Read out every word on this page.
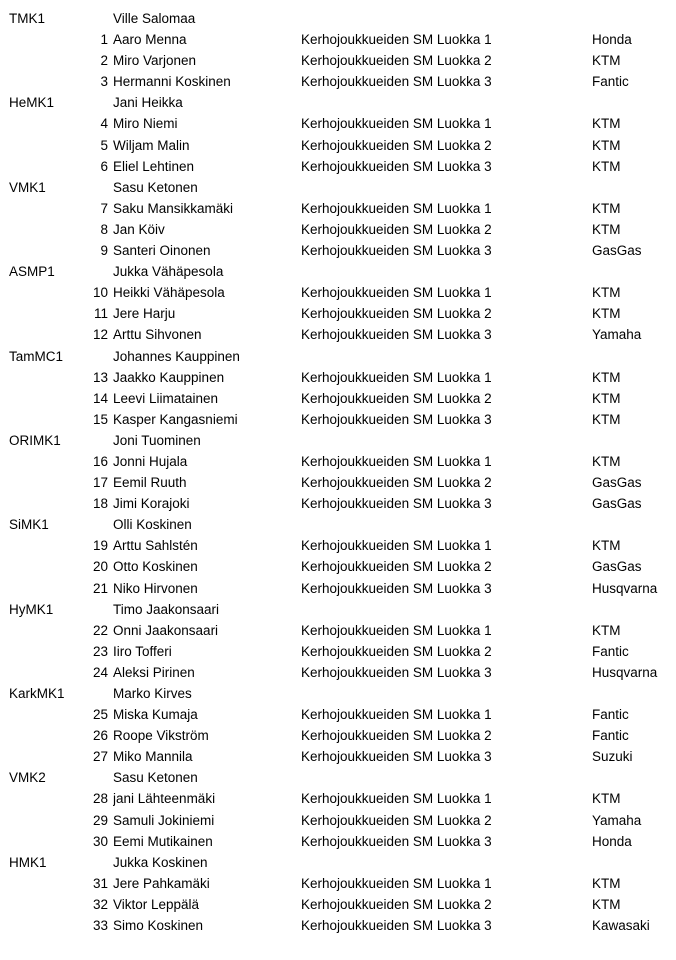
TMK1	Ville Salomaa
1 Aaro Menna	Kerhojoukkueiden SM Luokka 1	Honda
2 Miro Varjonen	Kerhojoukkueiden SM Luokka 2	KTM
3 Hermanni Koskinen	Kerhojoukkueiden SM Luokka 3	Fantic
HeMK1	Jani Heikka
4 Miro Niemi	Kerhojoukkueiden SM Luokka 1	KTM
5 Wiljam Malin	Kerhojoukkueiden SM Luokka 2	KTM
6 Eliel Lehtinen	Kerhojoukkueiden SM Luokka 3	KTM
VMK1	Sasu Ketonen
7 Saku Mansikkamäki	Kerhojoukkueiden SM Luokka 1	KTM
8 Jan Köiv	Kerhojoukkueiden SM Luokka 2	KTM
9 Santeri Oinonen	Kerhojoukkueiden SM Luokka 3	GasGas
ASMP1	Jukka Vähäpesola
10 Heikki Vähäpesola	Kerhojoukkueiden SM Luokka 1	KTM
11 Jere Harju	Kerhojoukkueiden SM Luokka 2	KTM
12 Arttu Sihvonen	Kerhojoukkueiden SM Luokka 3	Yamaha
TamMC1	Johannes Kauppinen
13 Jaakko Kauppinen	Kerhojoukkueiden SM Luokka 1	KTM
14 Leevi Liimatainen	Kerhojoukkueiden SM Luokka 2	KTM
15 Kasper Kangasniemi	Kerhojoukkueiden SM Luokka 3	KTM
ORIMK1	Joni Tuominen
16 Jonni Hujala	Kerhojoukkueiden SM Luokka 1	KTM
17 Eemil Ruuth	Kerhojoukkueiden SM Luokka 2	GasGas
18 Jimi Korajoki	Kerhojoukkueiden SM Luokka 3	GasGas
SiMK1	Olli Koskinen
19 Arttu Sahlstén	Kerhojoukkueiden SM Luokka 1	KTM
20 Otto Koskinen	Kerhojoukkueiden SM Luokka 2	GasGas
21 Niko Hirvonen	Kerhojoukkueiden SM Luokka 3	Husqvarna
HyMK1	Timo Jaakonsaari
22 Onni Jaakonsaari	Kerhojoukkueiden SM Luokka 1	KTM
23 Iiro Tofferi	Kerhojoukkueiden SM Luokka 2	Fantic
24 Aleksi Pirinen	Kerhojoukkueiden SM Luokka 3	Husqvarna
KarkMK1	Marko Kirves
25 Miska Kumaja	Kerhojoukkueiden SM Luokka 1	Fantic
26 Roope Vikström	Kerhojoukkueiden SM Luokka 2	Fantic
27 Miko Mannila	Kerhojoukkueiden SM Luokka 3	Suzuki
VMK2	Sasu Ketonen
28 jani Lähteenmäki	Kerhojoukkueiden SM Luokka 1	KTM
29 Samuli Jokiniemi	Kerhojoukkueiden SM Luokka 2	Yamaha
30 Eemi Mutikainen	Kerhojoukkueiden SM Luokka 3	Honda
HMK1	Jukka Koskinen
31 Jere Pahkamäki	Kerhojoukkueiden SM Luokka 1	KTM
32 Viktor Leppälä	Kerhojoukkueiden SM Luokka 2	KTM
33 Simo Koskinen	Kerhojoukkueiden SM Luokka 3	Kawasaki
